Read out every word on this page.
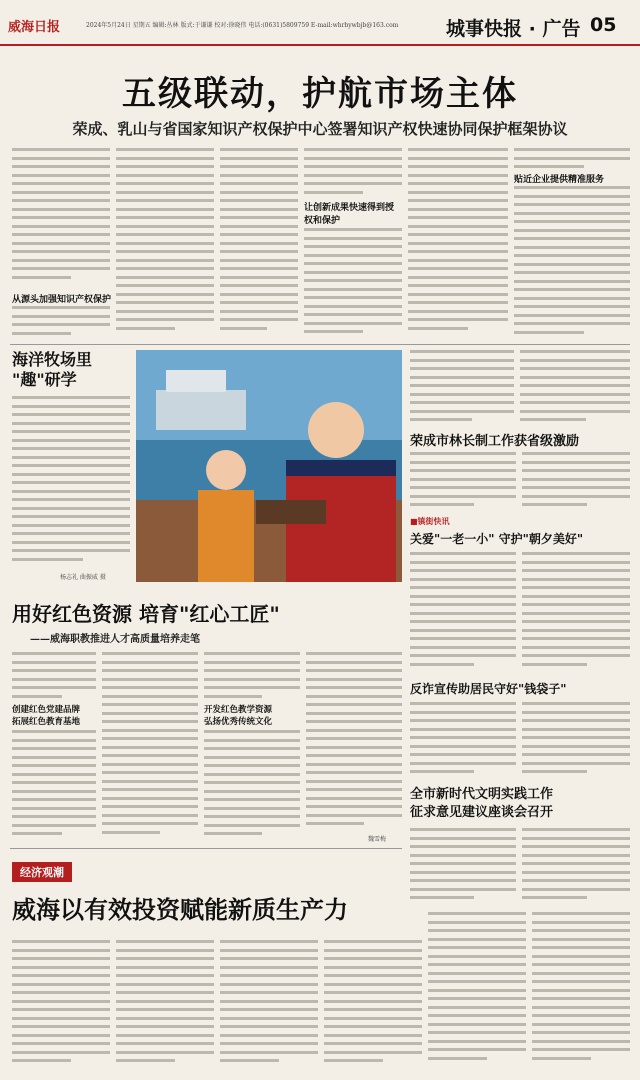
威海日报	2024年5月24日 星期五 编辑:丛林 版式:于谦谦 校对:徐晓伟 电话:(0631)5809759 E-mail:whrbywbjb@163.com	城事快报 · 广告 05
五级联动，护航市场主体
荣成、乳山与省国家知识产权保护中心签署知识产权快速协同保护框架协议
从源头加强知识产权保护
让创新成果快速得到授权和保护
贴近企业提供精准服务
海洋牧场里
"趣"研学
杨志礼 曲振威 摄
荣成市林长制工作获省级激励
■镇街快讯
关爱"一老一小" 守护"朝夕美好"
反诈宣传助居民守好"钱袋子"
全市新时代文明实践工作
征求意见建议座谈会召开
用好红色资源 培育"红心工匠"
——威海职教推进人才高质量培养走笔
创建红色党建品牌
拓展红色教育基地
开发红色教学资源
弘扬优秀传统文化
魏雪梅
经济观潮
威海以有效投资赋能新质生产力
